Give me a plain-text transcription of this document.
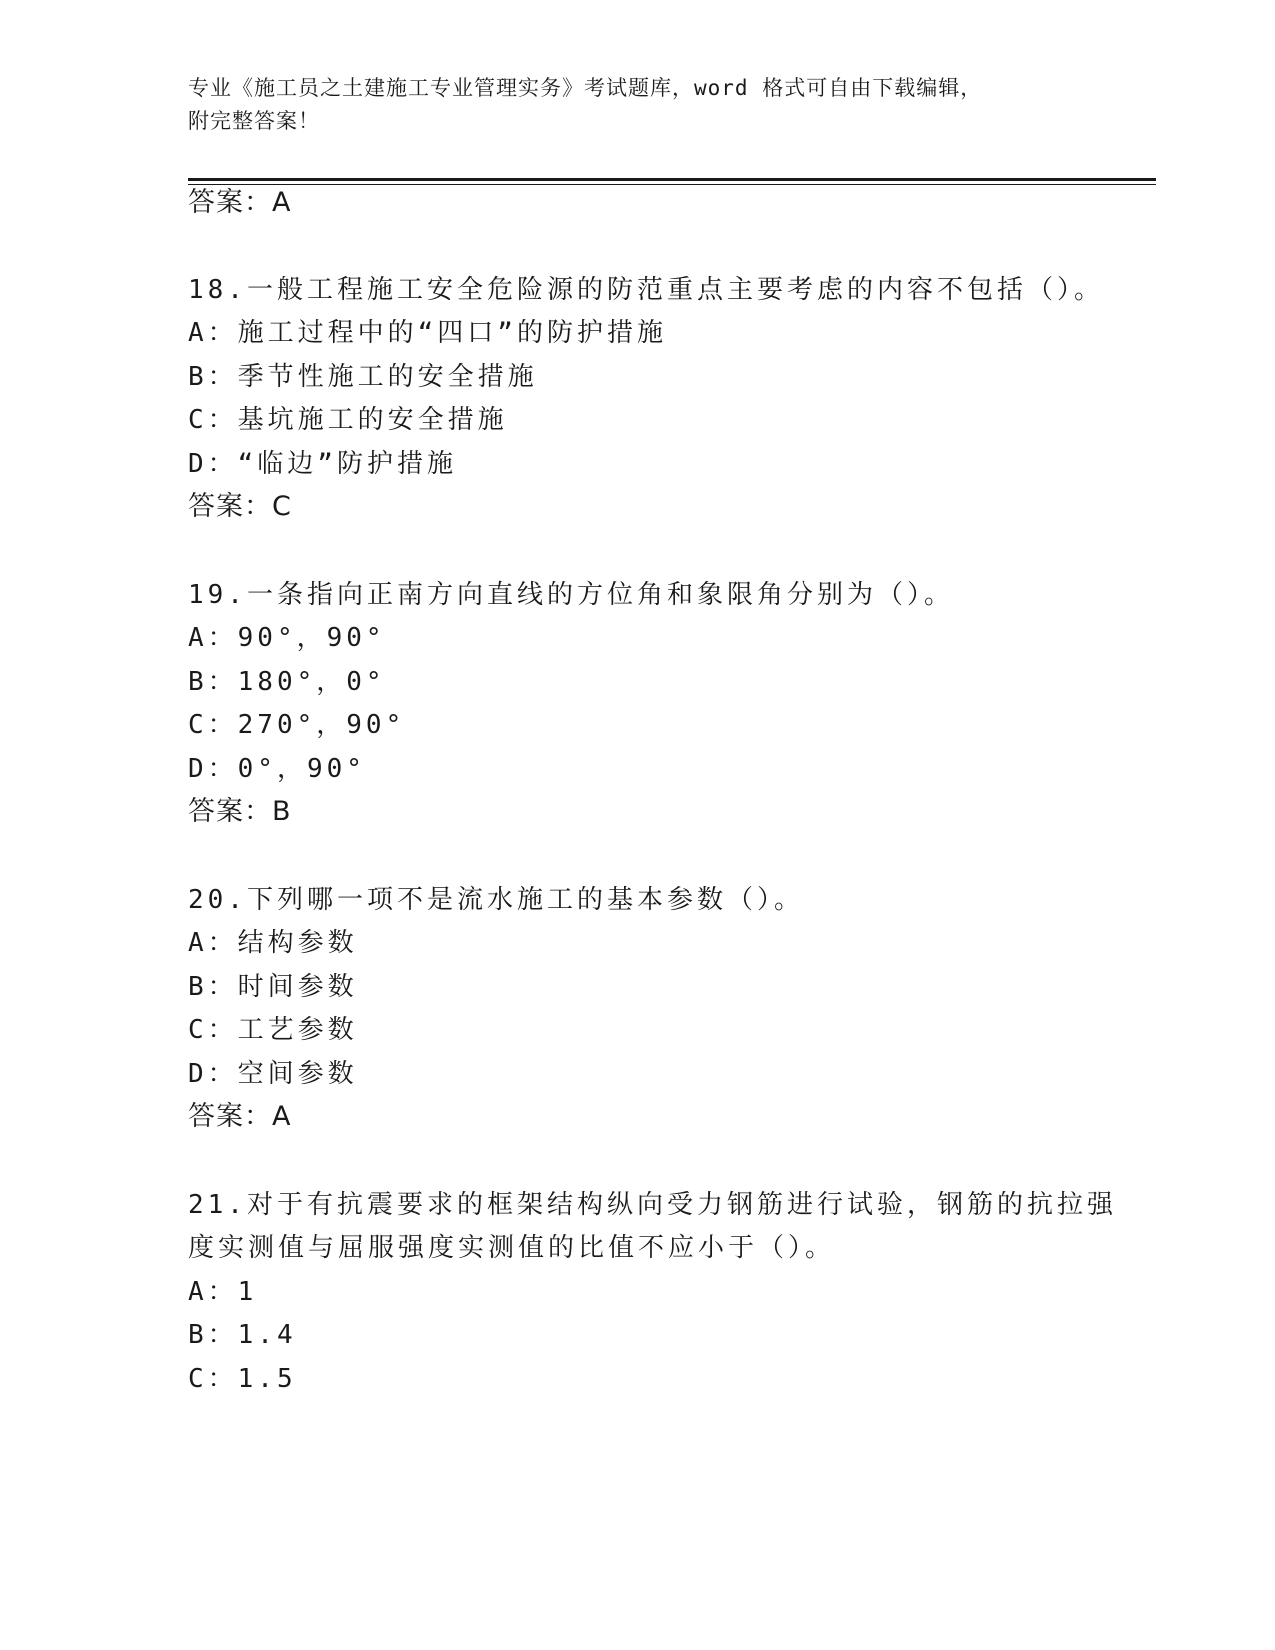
专业《施工员之土建施工专业管理实务》考试题库，word 格式可自由下载编辑，
附完整答案！
答案：A
18.一般工程施工安全危险源的防范重点主要考虑的内容不包括（）。
A：施工过程中的“四口”的防护措施
B：季节性施工的安全措施
C：基坑施工的安全措施
D：“临边”防护措施
答案：C
19.一条指向正南方向直线的方位角和象限角分别为（）。
A：90°，90°
B：180°，0°
C：270°，90°
D：0°，90°
答案：B
20.下列哪一项不是流水施工的基本参数（）。
A：结构参数
B：时间参数
C：工艺参数
D：空间参数
答案：A
21.对于有抗震要求的框架结构纵向受力钢筋进行试验，钢筋的抗拉强
度实测值与屈服强度实测值的比值不应小于（）。
A：1
B：1.4
C：1.5
